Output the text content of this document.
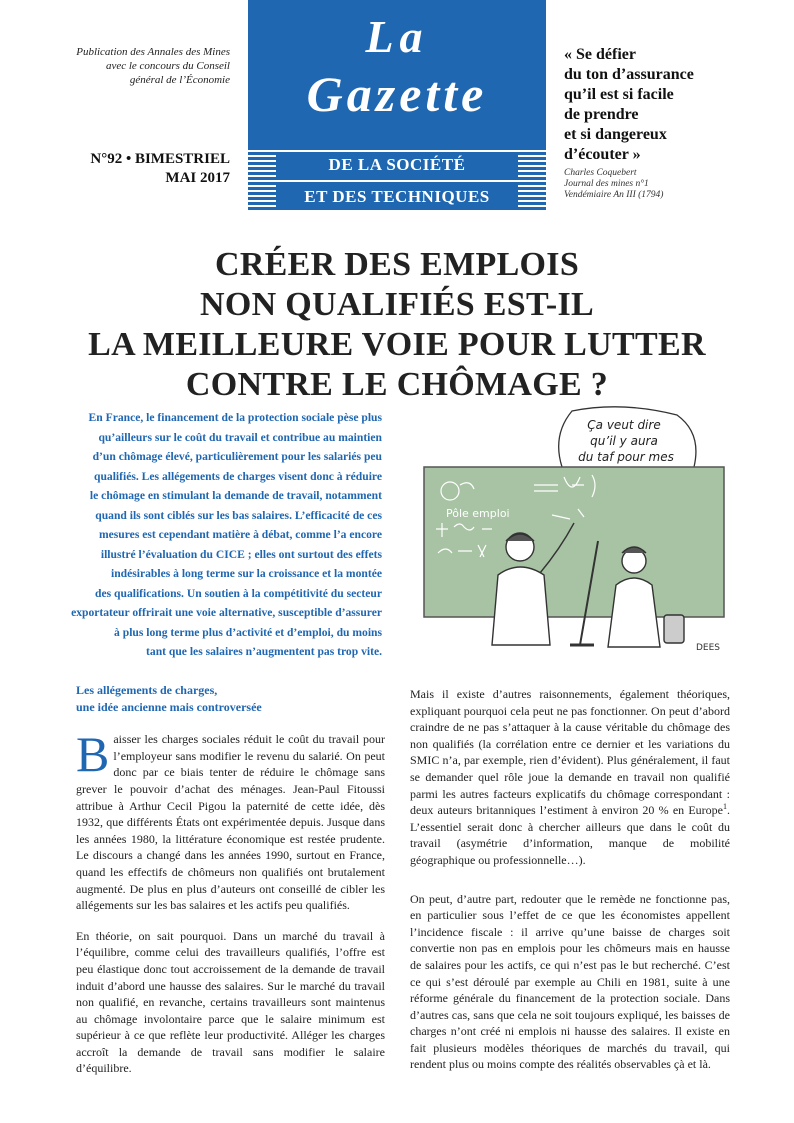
Publication des Annales des Mines
avec le concours du Conseil
général de l’Économie
N°92 • BIMESTRIEL
MAI 2017
La
Gazette
DE LA SOCIÉTÉ
ET DES TECHNIQUES
« Se défier
du ton d’assurance
qu’il est si facile
de prendre
et si dangereux
d’écouter »
Charles Coquebert
Journal des mines n°1
Vendémiaire An III (1794)
CRÉER DES EMPLOIS
NON QUALIFIÉS EST-IL
LA MEILLEURE VOIE POUR LUTTER
CONTRE LE CHÔMAGE ?
En France, le financement de la protection sociale pèse plus
qu’ailleurs sur le coût du travail et contribue au maintien
d’un chômage élevé, particulièrement pour les salariés peu
qualifiés. Les allégements de charges visent donc à réduire
le chômage en stimulant la demande de travail, notamment
quand ils sont ciblés sur les bas salaires. L’efficacité de ces
mesures est cependant matière à débat, comme l’a encore
illustré l’évaluation du CICE ; elles ont surtout des effets
indésirables à long terme sur la croissance et la montée
des qualifications. Un soutien à la compétitivité du secteur
exportateur offrirait une voie alternative, susceptible d’assurer
à plus long terme plus d’activité et d’emploi, du moins
tant que les salaires n’augmentent pas trop vite.
Ça veut dire
qu’il y aura
du taf pour mes
Pôle emploi
DEES
Les allégements de charges,
une idée ancienne mais controversée

Baisser les charges sociales réduit le coût du travail pour l’employeur sans modifier le revenu du salarié. On peut donc par ce biais tenter de réduire le chômage sans grever le pouvoir d’achat des ménages. Jean-Paul Fitoussi attribue à Arthur Cecil Pigou la paternité de cette idée, dès 1932, que différents États ont expérimentée depuis. Jusque dans les années 1980, la littérature économique est restée prudente. Le discours a changé dans les années 1990, surtout en France, quand les effectifs de chômeurs non qualifiés ont brutalement augmenté. De plus en plus d’auteurs ont conseillé de cibler les allégements sur les bas salaires et les actifs peu qualifiés.

En théorie, on sait pourquoi. Dans un marché du travail à l’équilibre, comme celui des travailleurs qualifiés, l’offre est peu élastique donc tout accroissement de la demande de travail induit d’abord une hausse des salaires. Sur le marché du travail non qualifié, en revanche, certains travailleurs sont maintenus au chômage involontaire parce que le salaire minimum est supérieur à ce que reflète leur productivité. Alléger les charges accroît la demande de travail sans modifier le salaire d’équilibre.

Mais il existe d’autres raisonnements, également théoriques, expliquant pourquoi cela peut ne pas fonctionner. On peut d’abord craindre de ne pas s’attaquer à la cause véritable du chômage des non qualifiés (la corrélation entre ce dernier et les variations du SMIC n’a, par exemple, rien d’évident). Plus généralement, il faut se demander quel rôle joue la demande en travail non qualifié parmi les autres facteurs explicatifs du chômage correspondant : deux auteurs britanniques l’estiment à environ 20 % en Europe$^1$. L’essentiel serait donc à chercher ailleurs que dans le coût du travail (asymétrie d’information, manque de mobilité géographique ou professionnelle…).

On peut, d’autre part, redouter que le remède ne fonctionne pas, en particulier sous l’effet de ce que les économistes appellent l’incidence fiscale : il arrive qu’une baisse de charges soit convertie non pas en emplois pour les chômeurs mais en hausse de salaires pour les actifs, ce qui n’est pas le but recherché. C’est ce qui s’est déroulé par exemple au Chili en 1981, suite à une réforme générale du financement de la protection sociale. Dans d’autres cas, sans que cela ne soit toujours expliqué, les baisses de charges n’ont créé ni emplois ni hausse des salaires. Il existe en fait plusieurs modèles théoriques de marchés du travail, qui rendent plus ou moins compte des réalités observables çà et là.
